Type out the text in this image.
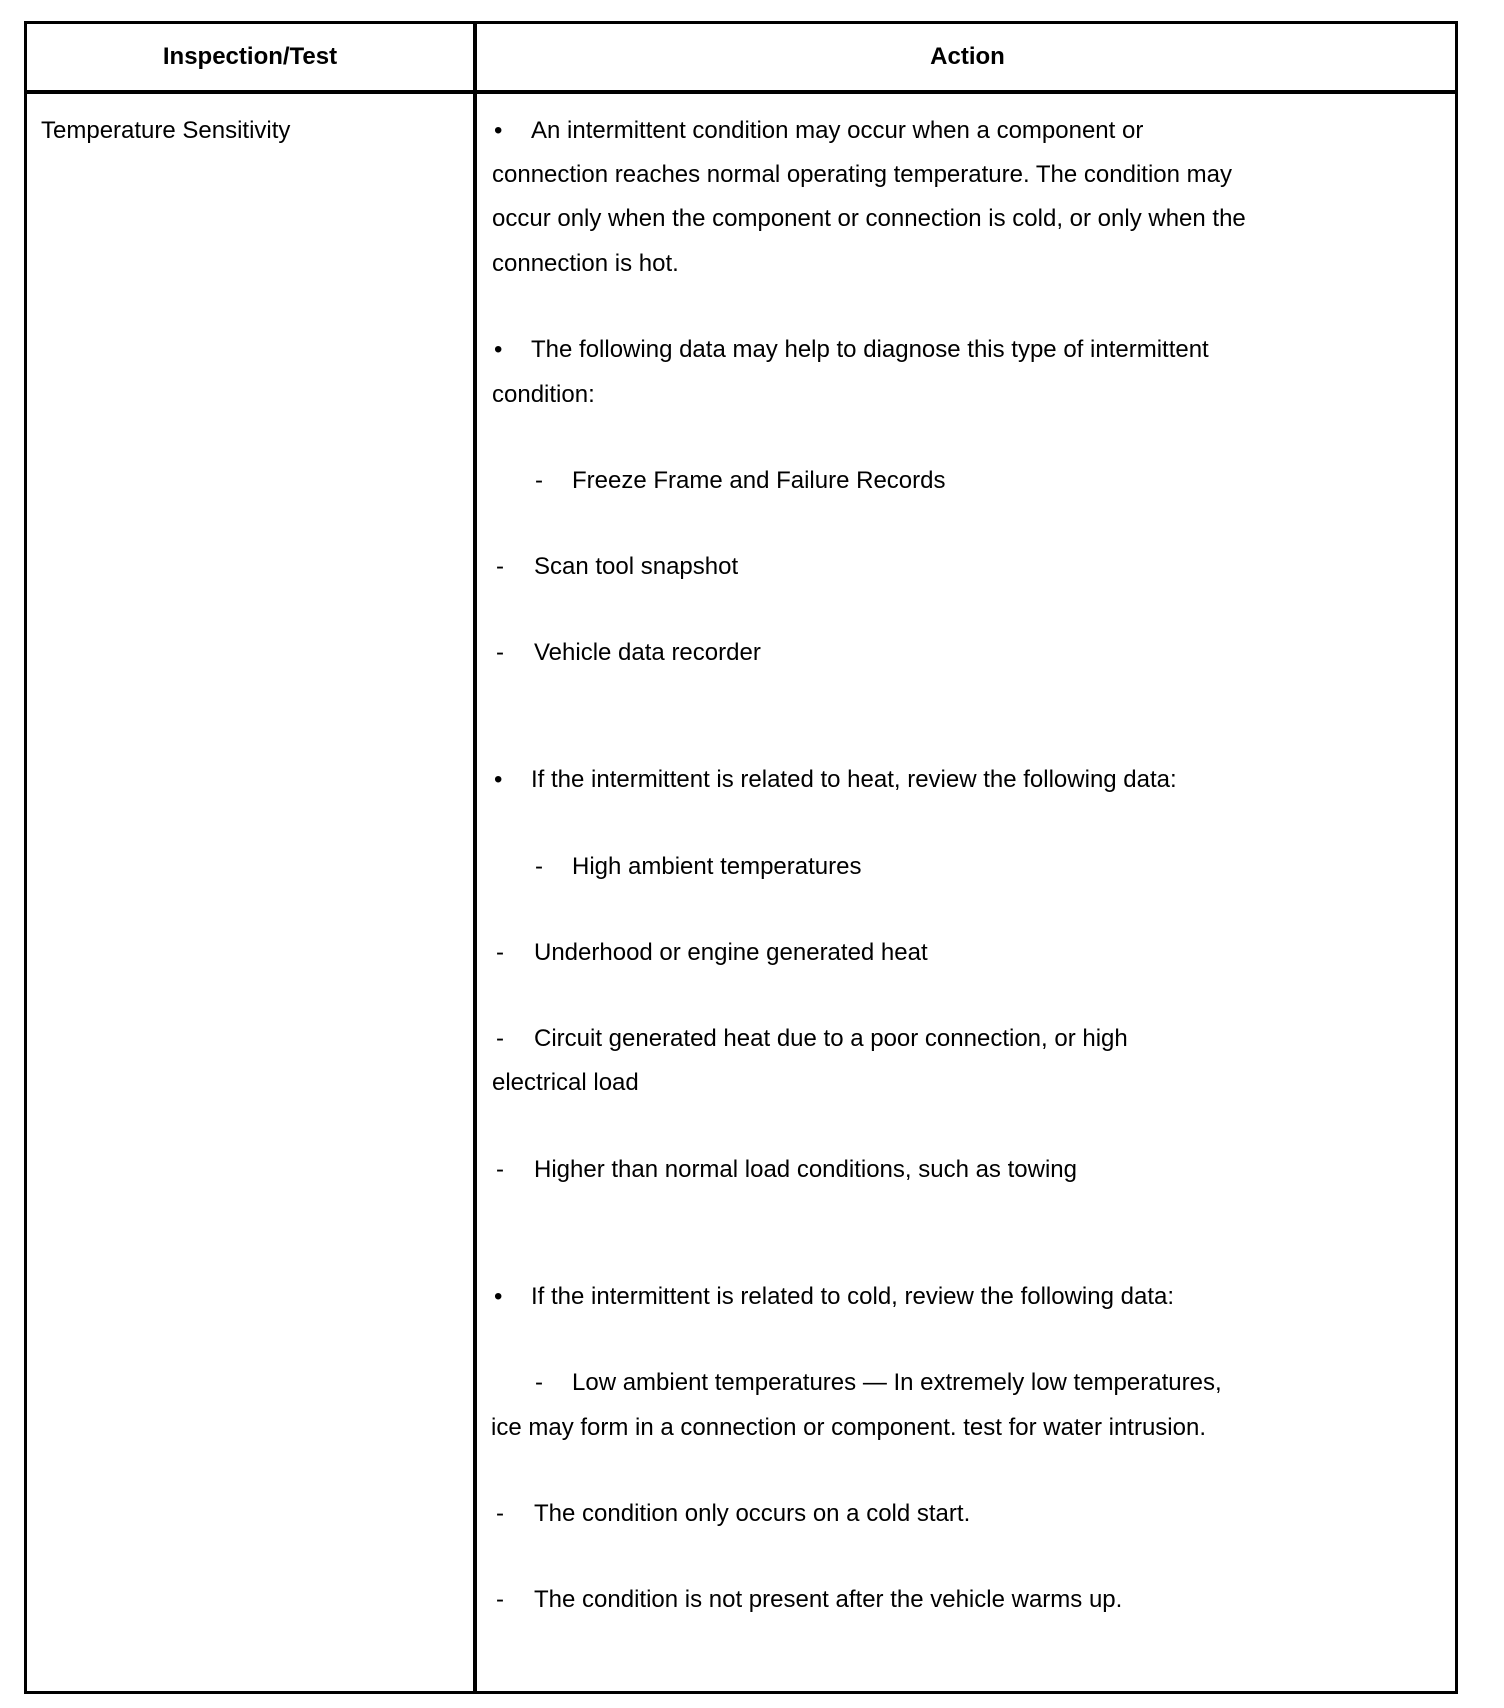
Inspection/Test	Action
Temperature Sensitivity	• An intermittent condition may occur when a component or
connection reaches normal operating temperature. The condition may
occur only when the component or connection is cold, or only when the
connection is hot.
• The following data may help to diagnose this type of intermittent
condition:
- Freeze Frame and Failure Records
- Scan tool snapshot
- Vehicle data recorder
• If the intermittent is related to heat, review the following data:
- High ambient temperatures
- Underhood or engine generated heat
- Circuit generated heat due to a poor connection, or high
electrical load
- Higher than normal load conditions, such as towing
• If the intermittent is related to cold, review the following data:
- Low ambient temperatures — In extremely low temperatures,
ice may form in a connection or component. test for water intrusion.
- The condition only occurs on a cold start.
- The condition is not present after the vehicle warms up.
